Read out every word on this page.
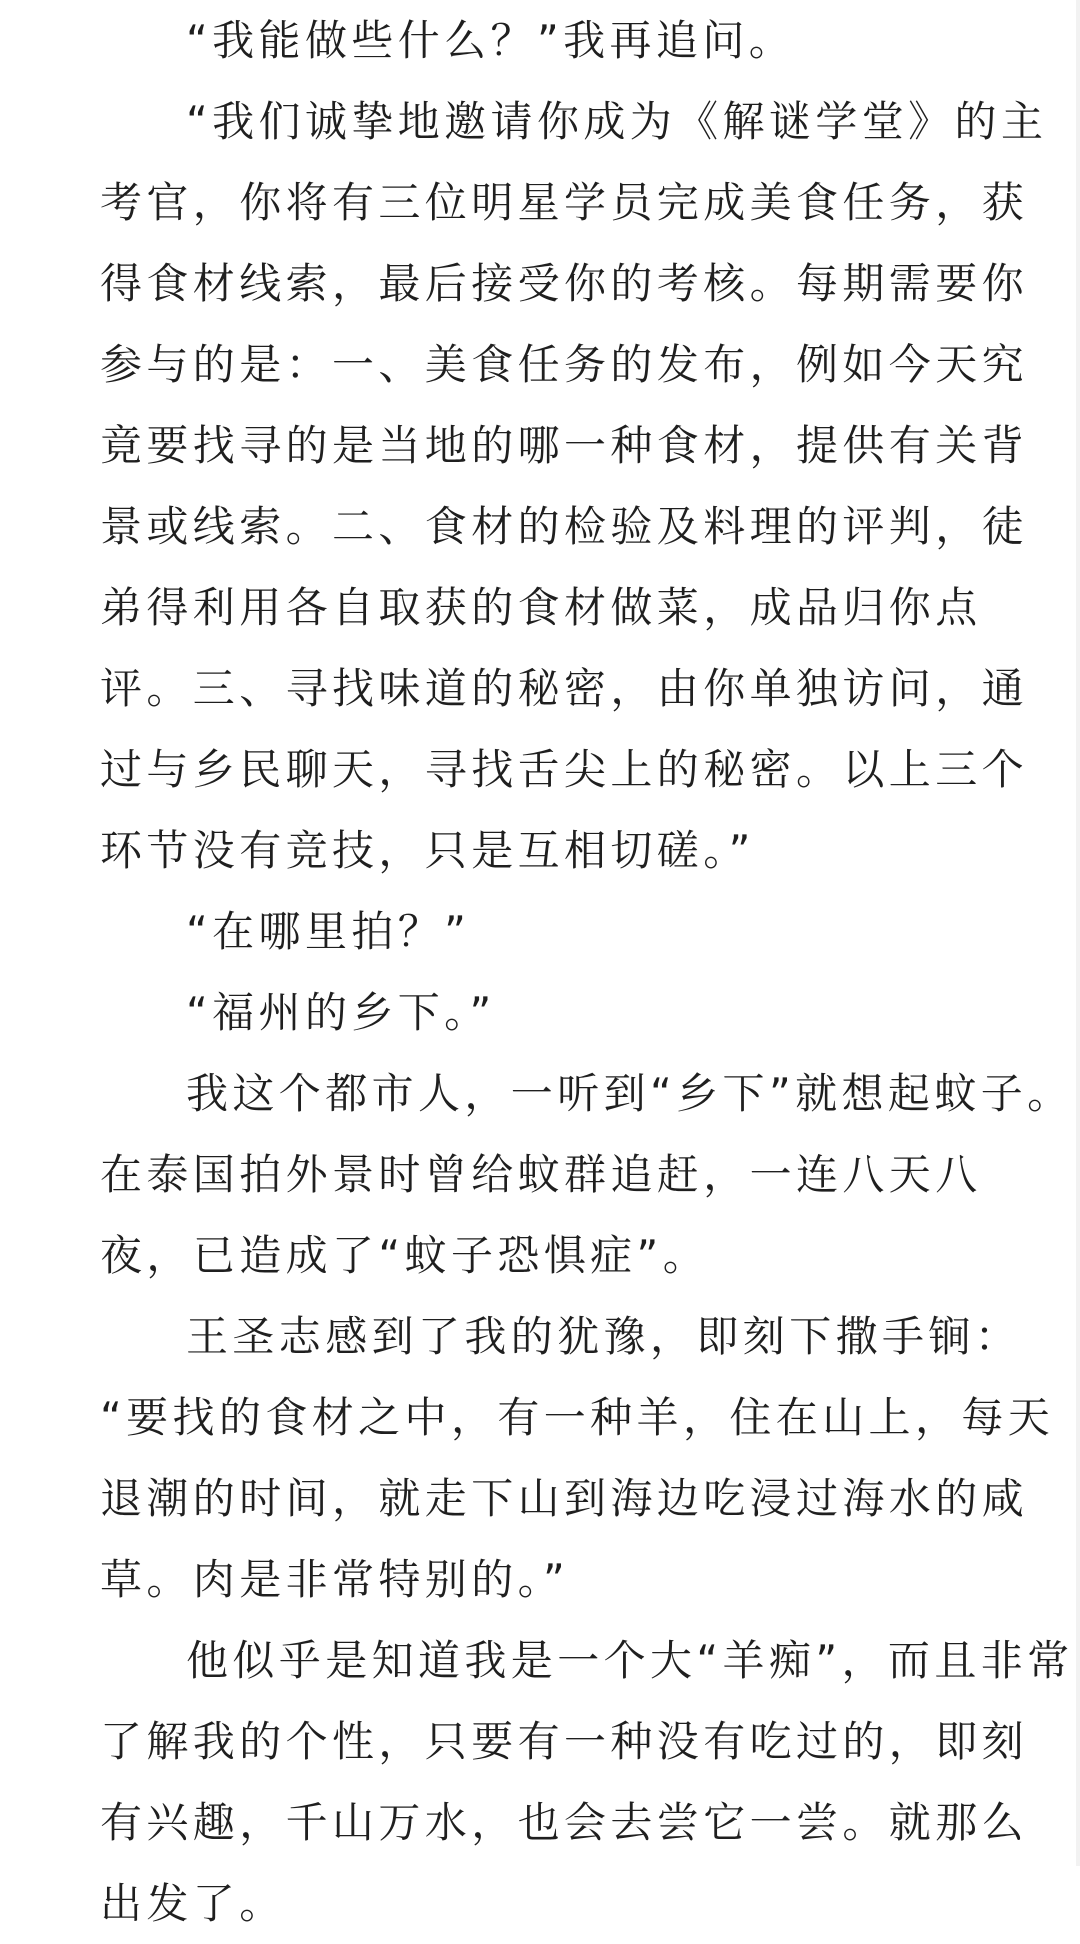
“我能做些什么？”我再追问。
“我们诚挚地邀请你成为《解谜学堂》的主
考官，你将有三位明星学员完成美食任务，获
得食材线索，最后接受你的考核。每期需要你
参与的是：一、美食任务的发布，例如今天究
竟要找寻的是当地的哪一种食材，提供有关背
景或线索。二、食材的检验及料理的评判，徒
弟得利用各自取获的食材做菜，成品归你点
评。三、寻找味道的秘密，由你单独访问，通
过与乡民聊天，寻找舌尖上的秘密。以上三个
环节没有竞技，只是互相切磋。”
“在哪里拍？”
“福州的乡下。”
我这个都市人，一听到“乡下”就想起蚊子。
在泰国拍外景时曾给蚊群追赶，一连八天八
夜，已造成了“蚊子恐惧症”。
王圣志感到了我的犹豫，即刻下撒手锏：
“要找的食材之中，有一种羊，住在山上，每天
退潮的时间，就走下山到海边吃浸过海水的咸
草。肉是非常特别的。”
他似乎是知道我是一个大“羊痴”，而且非常
了解我的个性，只要有一种没有吃过的，即刻
有兴趣，千山万水，也会去尝它一尝。就那么
出发了。
